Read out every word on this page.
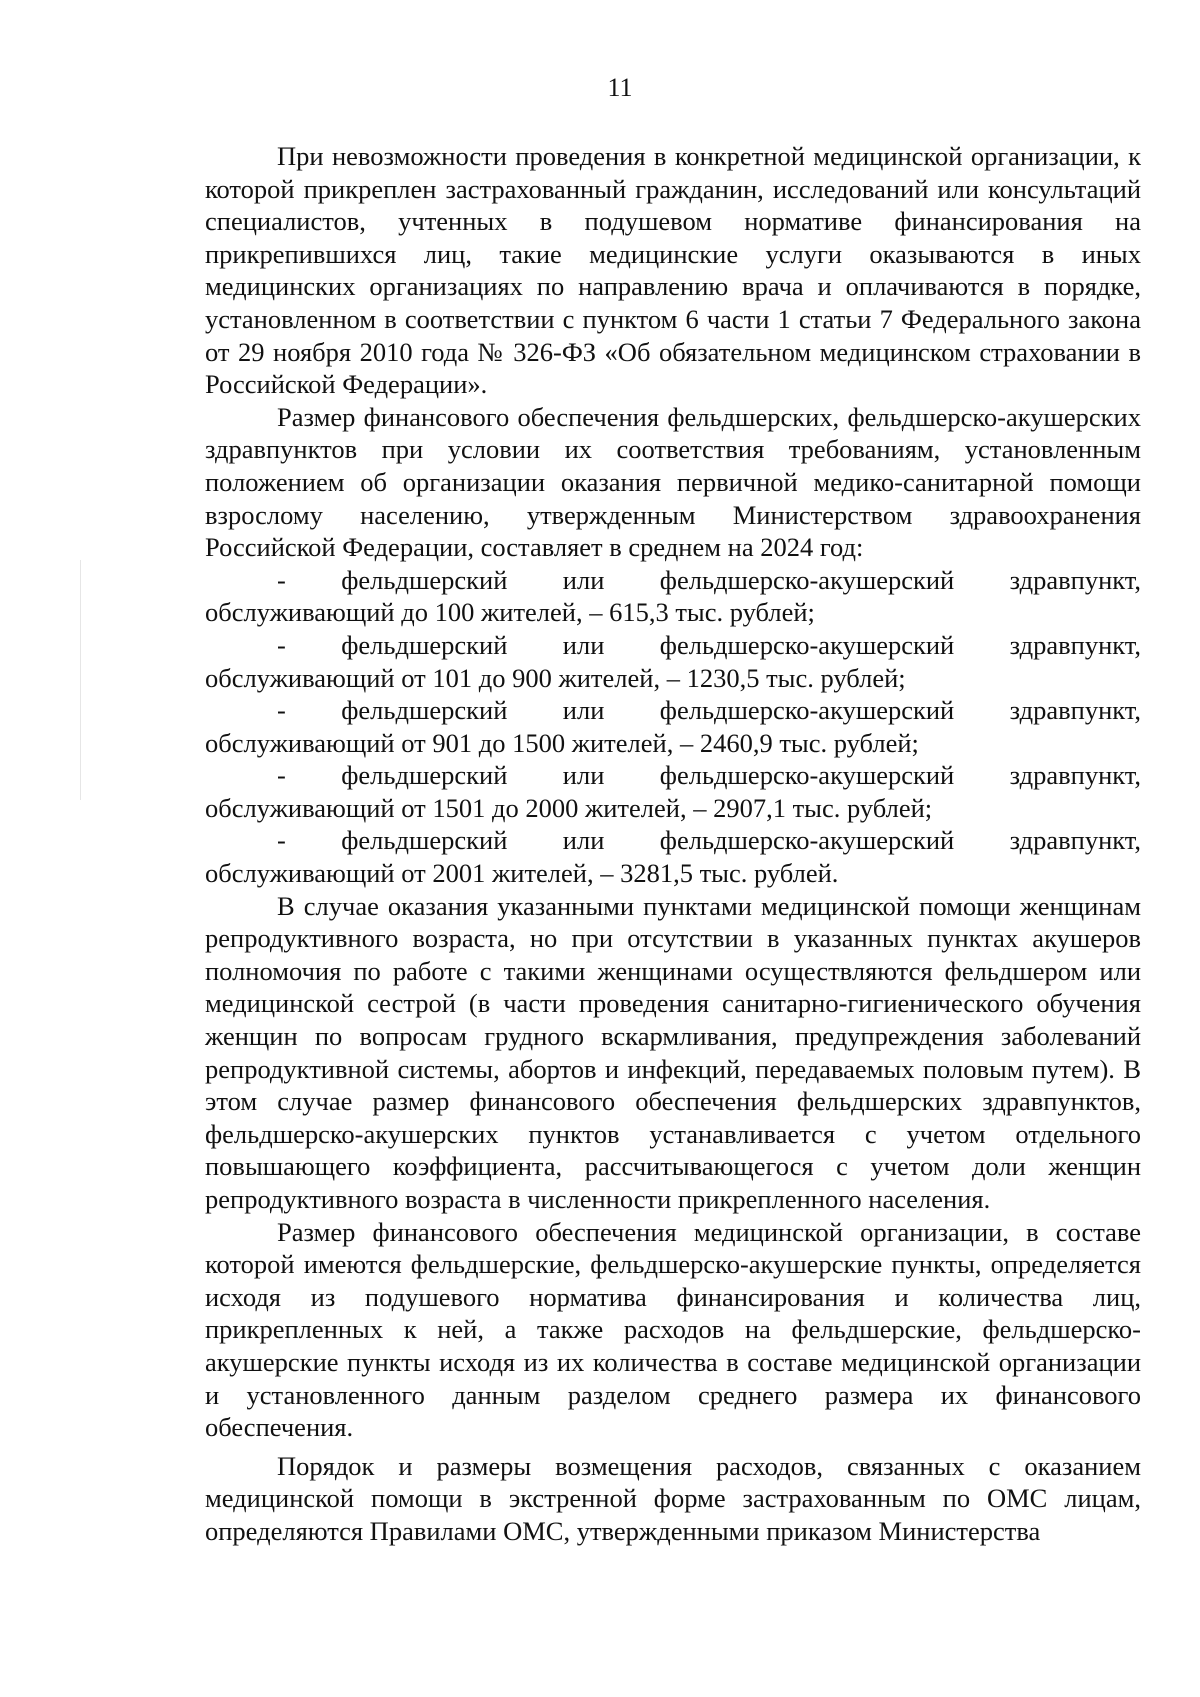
11

При невозможности проведения в конкретной медицинской организации, к которой прикреплен застрахованный гражданин, исследований или консультаций специалистов, учтенных в подушевом нормативе финансирования на прикрепившихся лиц, такие медицинские услуги оказываются в иных медицинских организациях по направлению врача и оплачиваются в порядке, установленном в соответствии с пунктом 6 части 1 статьи 7 Федерального закона от 29 ноября 2010 года № 326-ФЗ «Об обязательном медицинском страховании в Российской Федерации».

Размер финансового обеспечения фельдшерских, фельдшерско-акушерских здравпунктов при условии их соответствия требованиям, установленным положением об организации оказания первичной медико-санитарной помощи взрослому населению, утвержденным Министерством здравоохранения Российской Федерации, составляет в среднем на 2024 год:

- фельдшерский или фельдшерско-акушерский здравпункт, обслуживающий до 100 жителей, – 615,3 тыс. рублей;

- фельдшерский или фельдшерско-акушерский здравпункт, обслуживающий от 101 до 900 жителей, – 1230,5 тыс. рублей;

- фельдшерский или фельдшерско-акушерский здравпункт, обслуживающий от 901 до 1500 жителей, – 2460,9 тыс. рублей;

- фельдшерский или фельдшерско-акушерский здравпункт, обслуживающий от 1501 до 2000 жителей, – 2907,1 тыс. рублей;

- фельдшерский или фельдшерско-акушерский здравпункт, обслуживающий от 2001 жителей, – 3281,5 тыс. рублей.

В случае оказания указанными пунктами медицинской помощи женщинам репродуктивного возраста, но при отсутствии в указанных пунктах акушеров полномочия по работе с такими женщинами осуществляются фельдшером или медицинской сестрой (в части проведения санитарно-гигиенического обучения женщин по вопросам грудного вскармливания, предупреждения заболеваний репродуктивной системы, абортов и инфекций, передаваемых половым путем). В этом случае размер финансового обеспечения фельдшерских здравпунктов, фельдшерско-акушерских пунктов устанавливается с учетом отдельного повышающего коэффициента, рассчитывающегося с учетом доли женщин репродуктивного возраста в численности прикрепленного населения.

Размер финансового обеспечения медицинской организации, в составе которой имеются фельдшерские, фельдшерско-акушерские пункты, определяется исходя из подушевого норматива финансирования и количества лиц, прикрепленных к ней, а также расходов на фельдшерские, фельдшерско-акушерские пункты исходя из их количества в составе медицинской организации и установленного данным разделом среднего размера их финансового обеспечения.

Порядок и размеры возмещения расходов, связанных с оказанием медицинской помощи в экстренной форме застрахованным по ОМС лицам, определяются Правилами ОМС, утвержденными приказом Министерства
